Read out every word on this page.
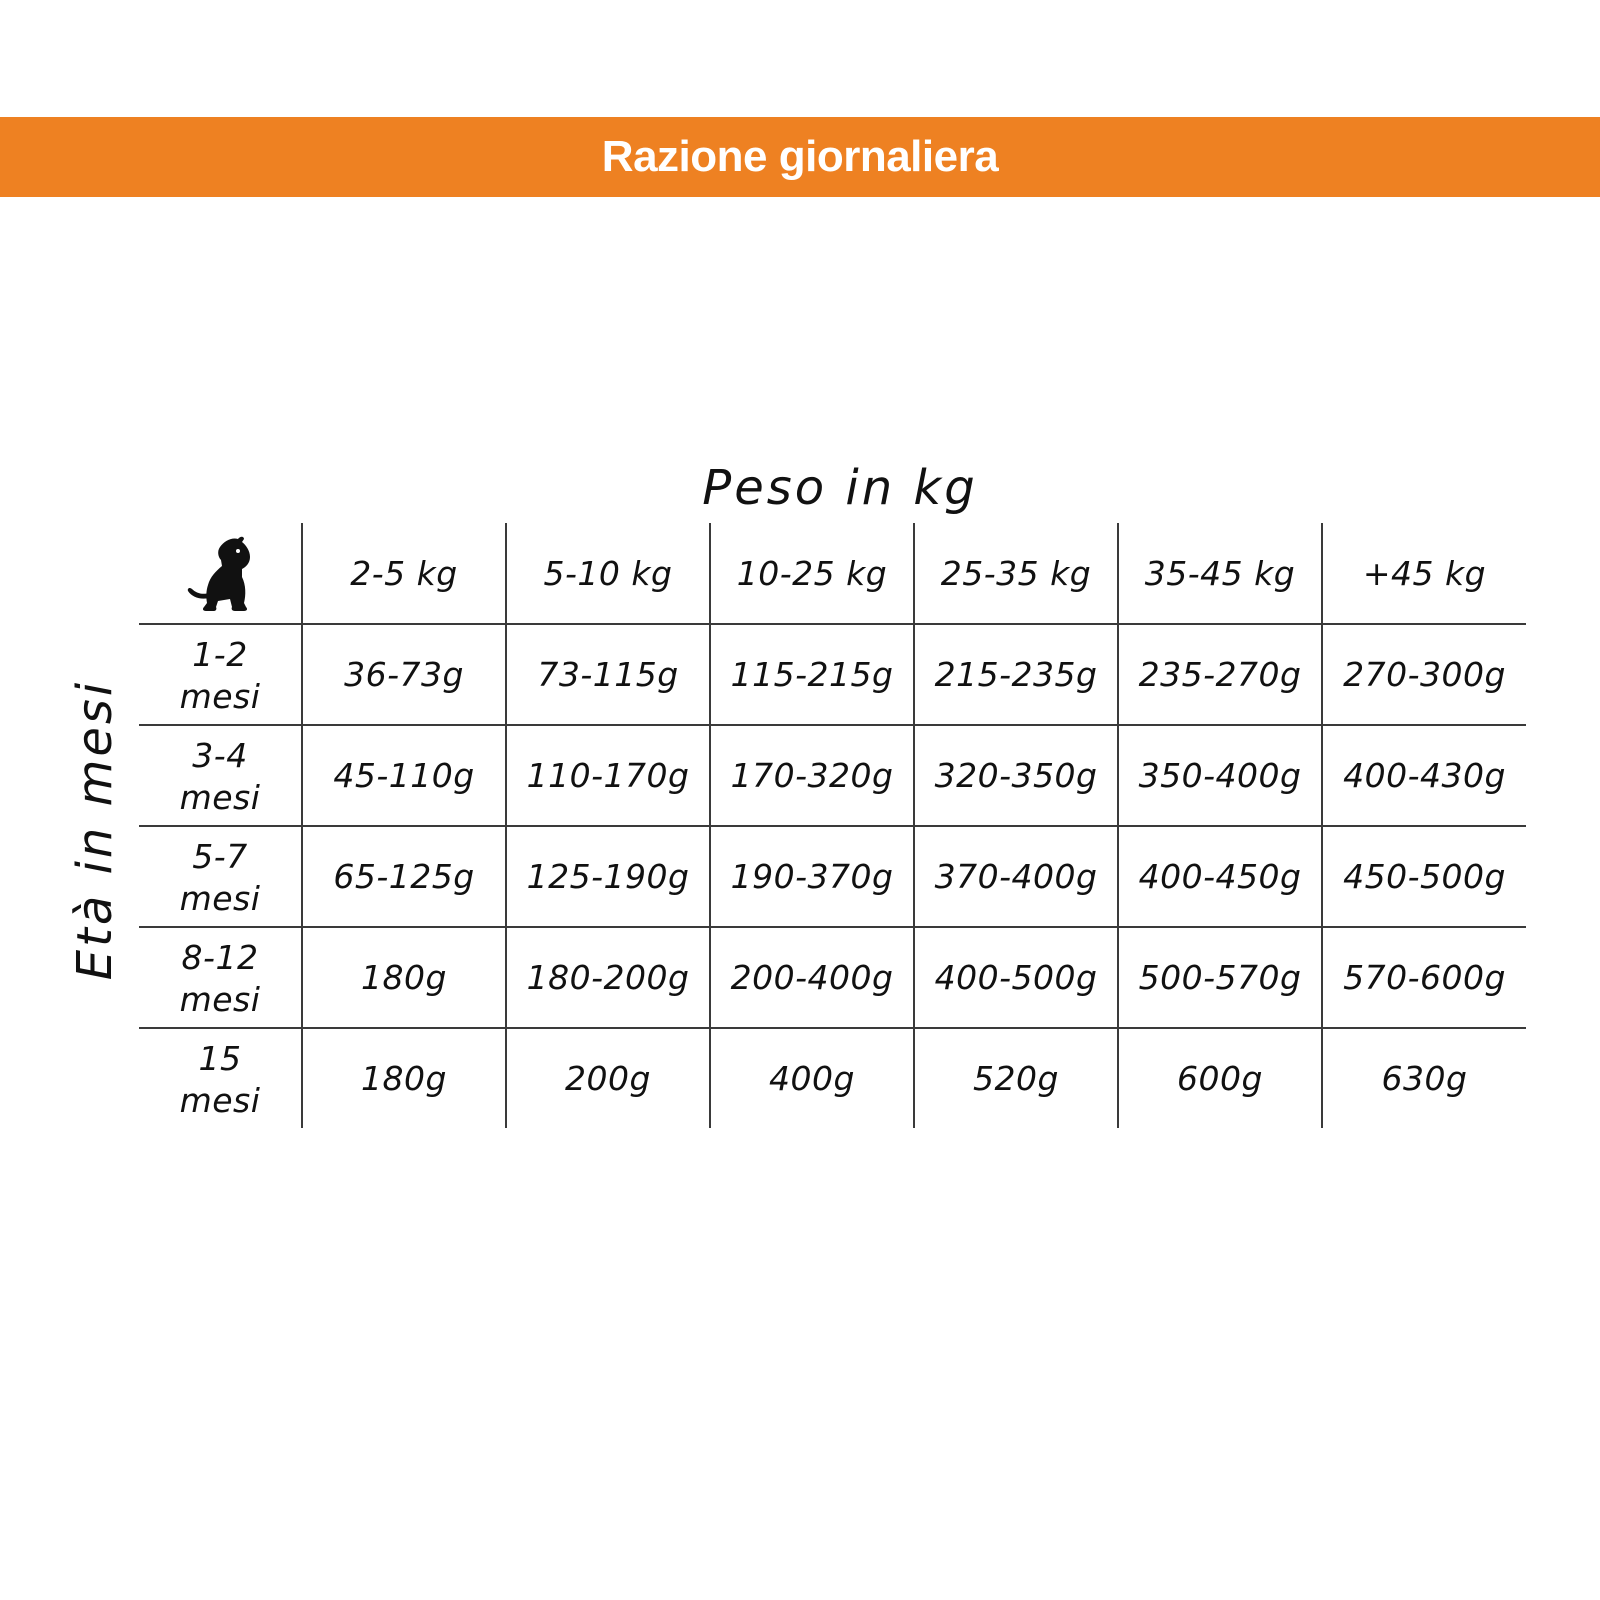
Razione giornaliera
Peso in kg
Età in mesi
	2-5 kg	5-10 kg	10-25 kg	25-35 kg	35-45 kg	+45 kg

1-2
mesi	36-73g	73-115g	115-215g	215-235g	235-270g	270-300g

3-4
mesi	45-110g	110-170g	170-320g	320-350g	350-400g	400-430g

5-7
mesi	65-125g	125-190g	190-370g	370-400g	400-450g	450-500g

8-12
mesi	180g	180-200g	200-400g	400-500g	500-570g	570-600g

15
mesi	180g	200g	400g	520g	600g	630g
